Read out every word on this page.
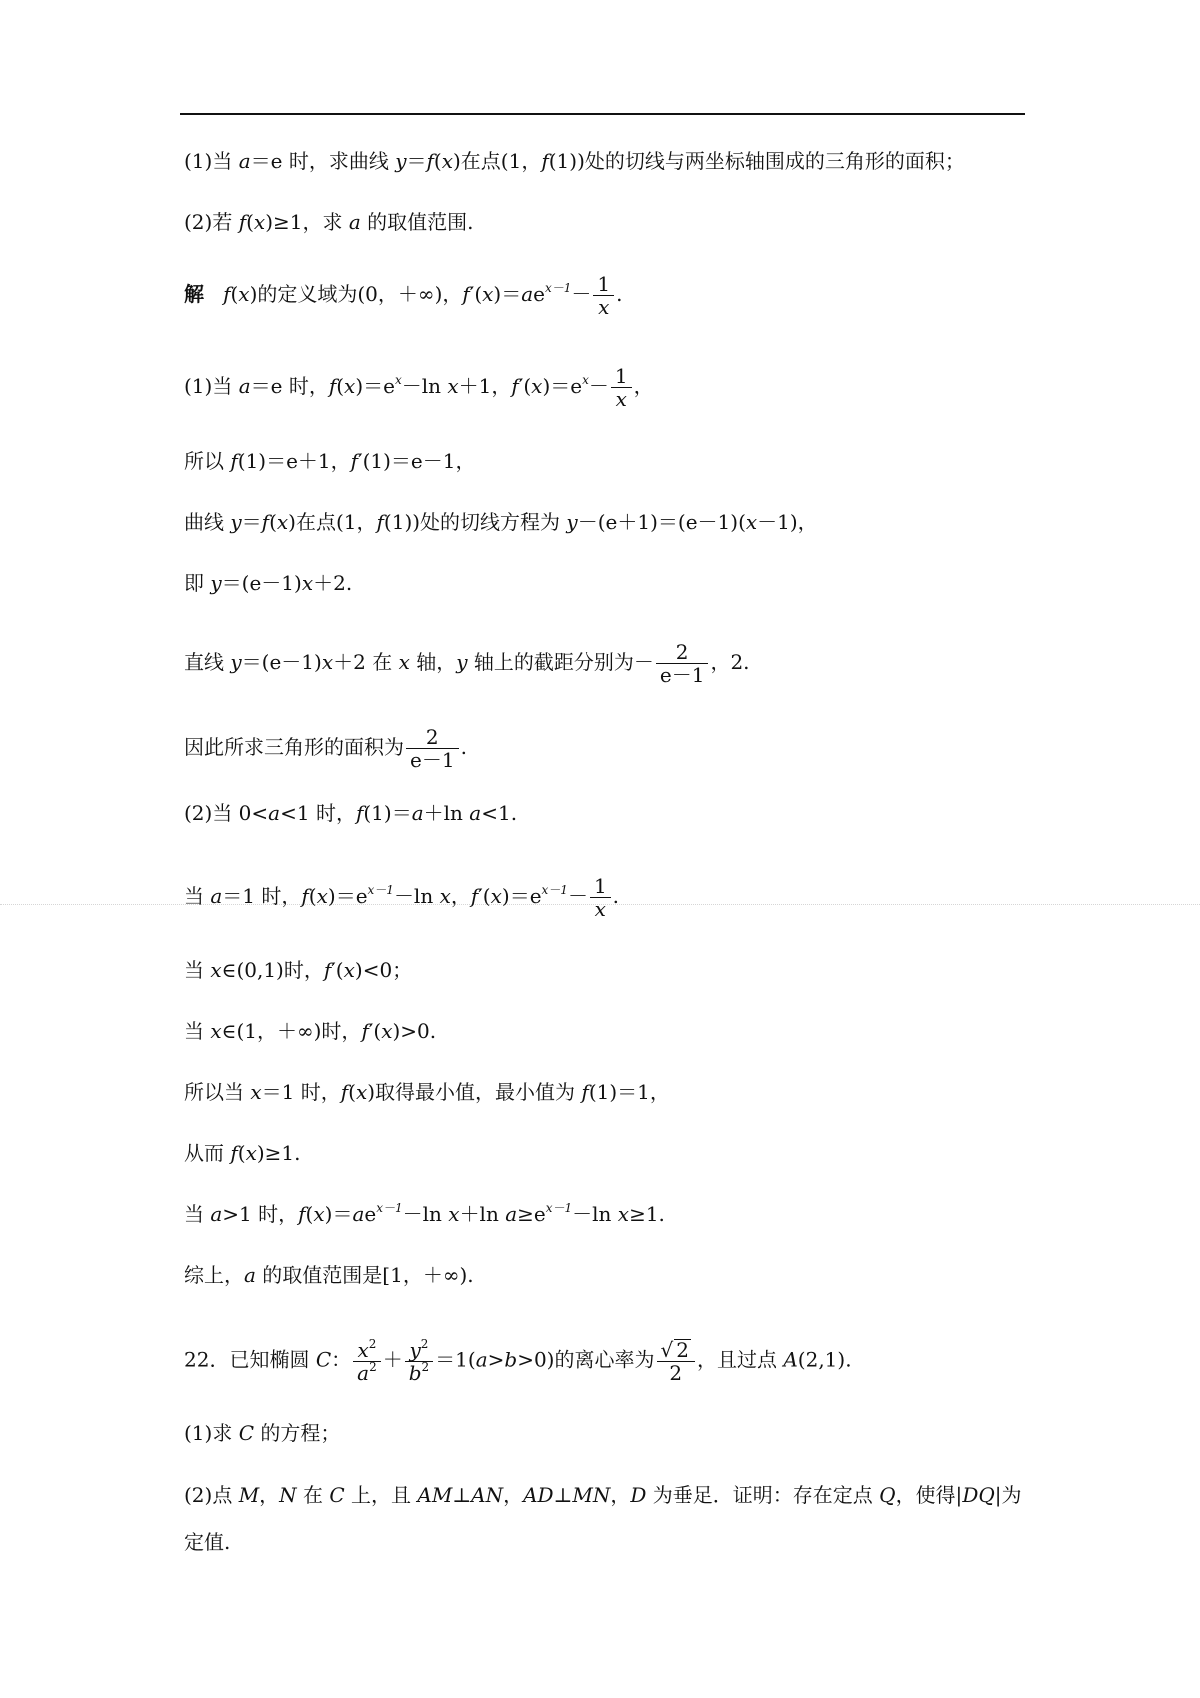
(1)当 a＝e 时，求曲线 y＝f(x)在点(1，f(1))处的切线与两坐标轴围成的三角形的面积；
(2)若 f(x)≥1，求 a 的取值范围.
解 f(x)的定义域为(0，＋∞)，$f'(x)=ae^{x-1}- \frac{1}{x}$ .
(1)当 a＝e 时，$f(x)=e^x-\ln$ x＋1，$f'(x)=e^x- \frac{1}{x}$ ，
所以 f(1)＝e＋1，f′(1)＝e－1，
曲线 y＝f(x)在点(1，f(1))处的切线方程为 y－(e＋1)＝(e－1)(x－1)，
即 y＝(e－1)x＋2.
直线 y＝(e－1)x＋2 在 x 轴，y 轴上的截距分别为－ $\frac{2}{e-1}$ ，2.
因此所求三角形的面积为 $\frac{2}{e-1}$ .
(2)当 0<a<1 时，f(1)＝a＋ln a<1.
当 a＝1 时，$f(x)=e^{x-1}-\ln$ x，$f'(x)=e^{x-1}- \frac{1}{x}$ .
当 x∈(0,1)时，f′(x)<0；
当 x∈(1，＋∞)时，f′(x)>0.
所以当 x＝1 时，f(x)取得最小值，最小值为 f(1)＝1，
从而 f(x)≥1.
当 a>1 时，$f(x)=ae^{x-1}-\ln$ x＋ln $a\ge e^{x-1}-\ln$ x≥1.
综上，a 的取值范围是[1，＋∞).
22．已知椭圆 C： $\frac{x^2}{a^2} + \frac{y^2}{b^2} =1(a>b>0)$的离心率为 $\frac{√ 2}{2}$ ，且过点 A(2,1).
(1)求 C 的方程；
(2)点 M，N 在 C 上，且 AM⊥AN，AD⊥MN，D 为垂足．证明：存在定点 Q，使得|DQ|为
定值.
